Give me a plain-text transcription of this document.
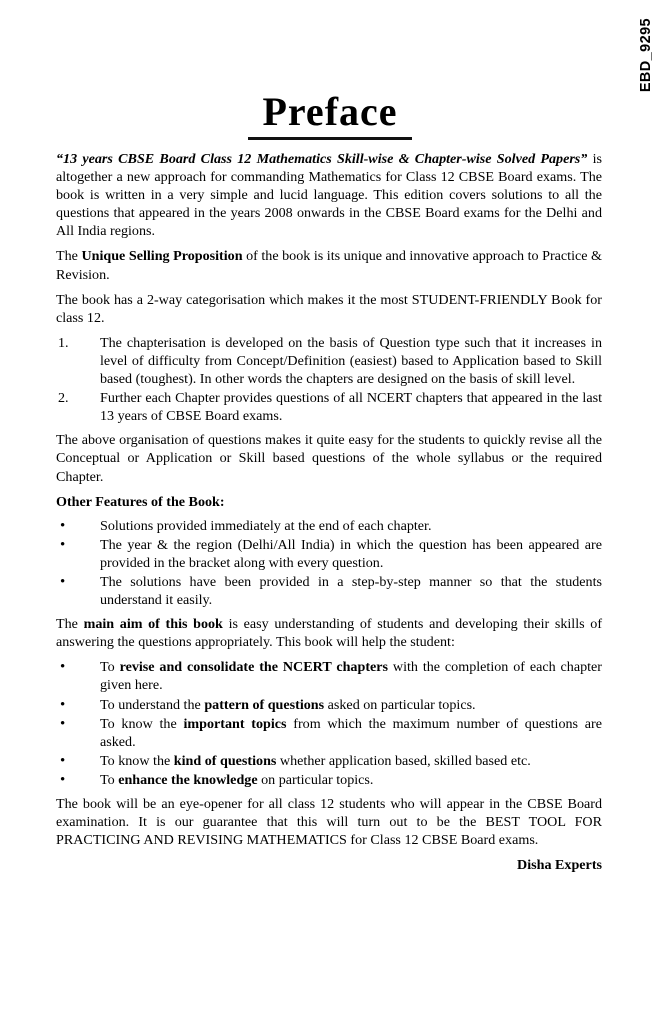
EBD_9295
Preface

“13 years CBSE Board Class 12 Mathematics Skill-wise & Chapter-wise Solved Papers” is altogether a new approach for commanding Mathematics for Class 12 CBSE Board exams. The book is written in a very simple and lucid language. This edition covers solutions to all the questions that appeared in the years 2008 onwards in the CBSE Board exams for the Delhi and All India regions.

The Unique Selling Proposition of the book is its unique and innovative approach to Practice & Revision.

The book has a 2-way categorisation which makes it the most STUDENT-FRIENDLY Book for class 12.

1.	The chapterisation is developed on the basis of Question type such that it increases in level of difficulty from Concept/Definition (easiest) based to Application based to Skill based (toughest). In other words the chapters are designed on the basis of skill level.
2.	Further each Chapter provides questions of all NCERT chapters that appeared in the last 13 years of CBSE Board exams.

The above organisation of questions makes it quite easy for the students to quickly revise all the Conceptual or Application or Skill based questions of the whole syllabus or the required Chapter.

Other Features of the Book:

•	Solutions provided immediately at the end of each chapter.
•	The year & the region (Delhi/All India) in which the question has been appeared are provided in the bracket along with every question.
•	The solutions have been provided in a step-by-step manner so that the students understand it easily.

The main aim of this book is easy understanding of students and developing their skills of answering the questions appropriately. This book will help the student:

•	To revise and consolidate the NCERT chapters with the completion of each chapter given here.
•	To understand the pattern of questions asked on particular topics.
•	To know the important topics from which the maximum number of questions are asked.
•	To know the kind of questions whether application based, skilled based etc.
•	To enhance the knowledge on particular topics.

The book will be an eye-opener for all class 12 students who will appear in the CBSE Board examination. It is our guarantee that this will turn out to be the BEST TOOL FOR PRACTICING AND REVISING MATHEMATICS for Class 12 CBSE Board exams.

Disha Experts
